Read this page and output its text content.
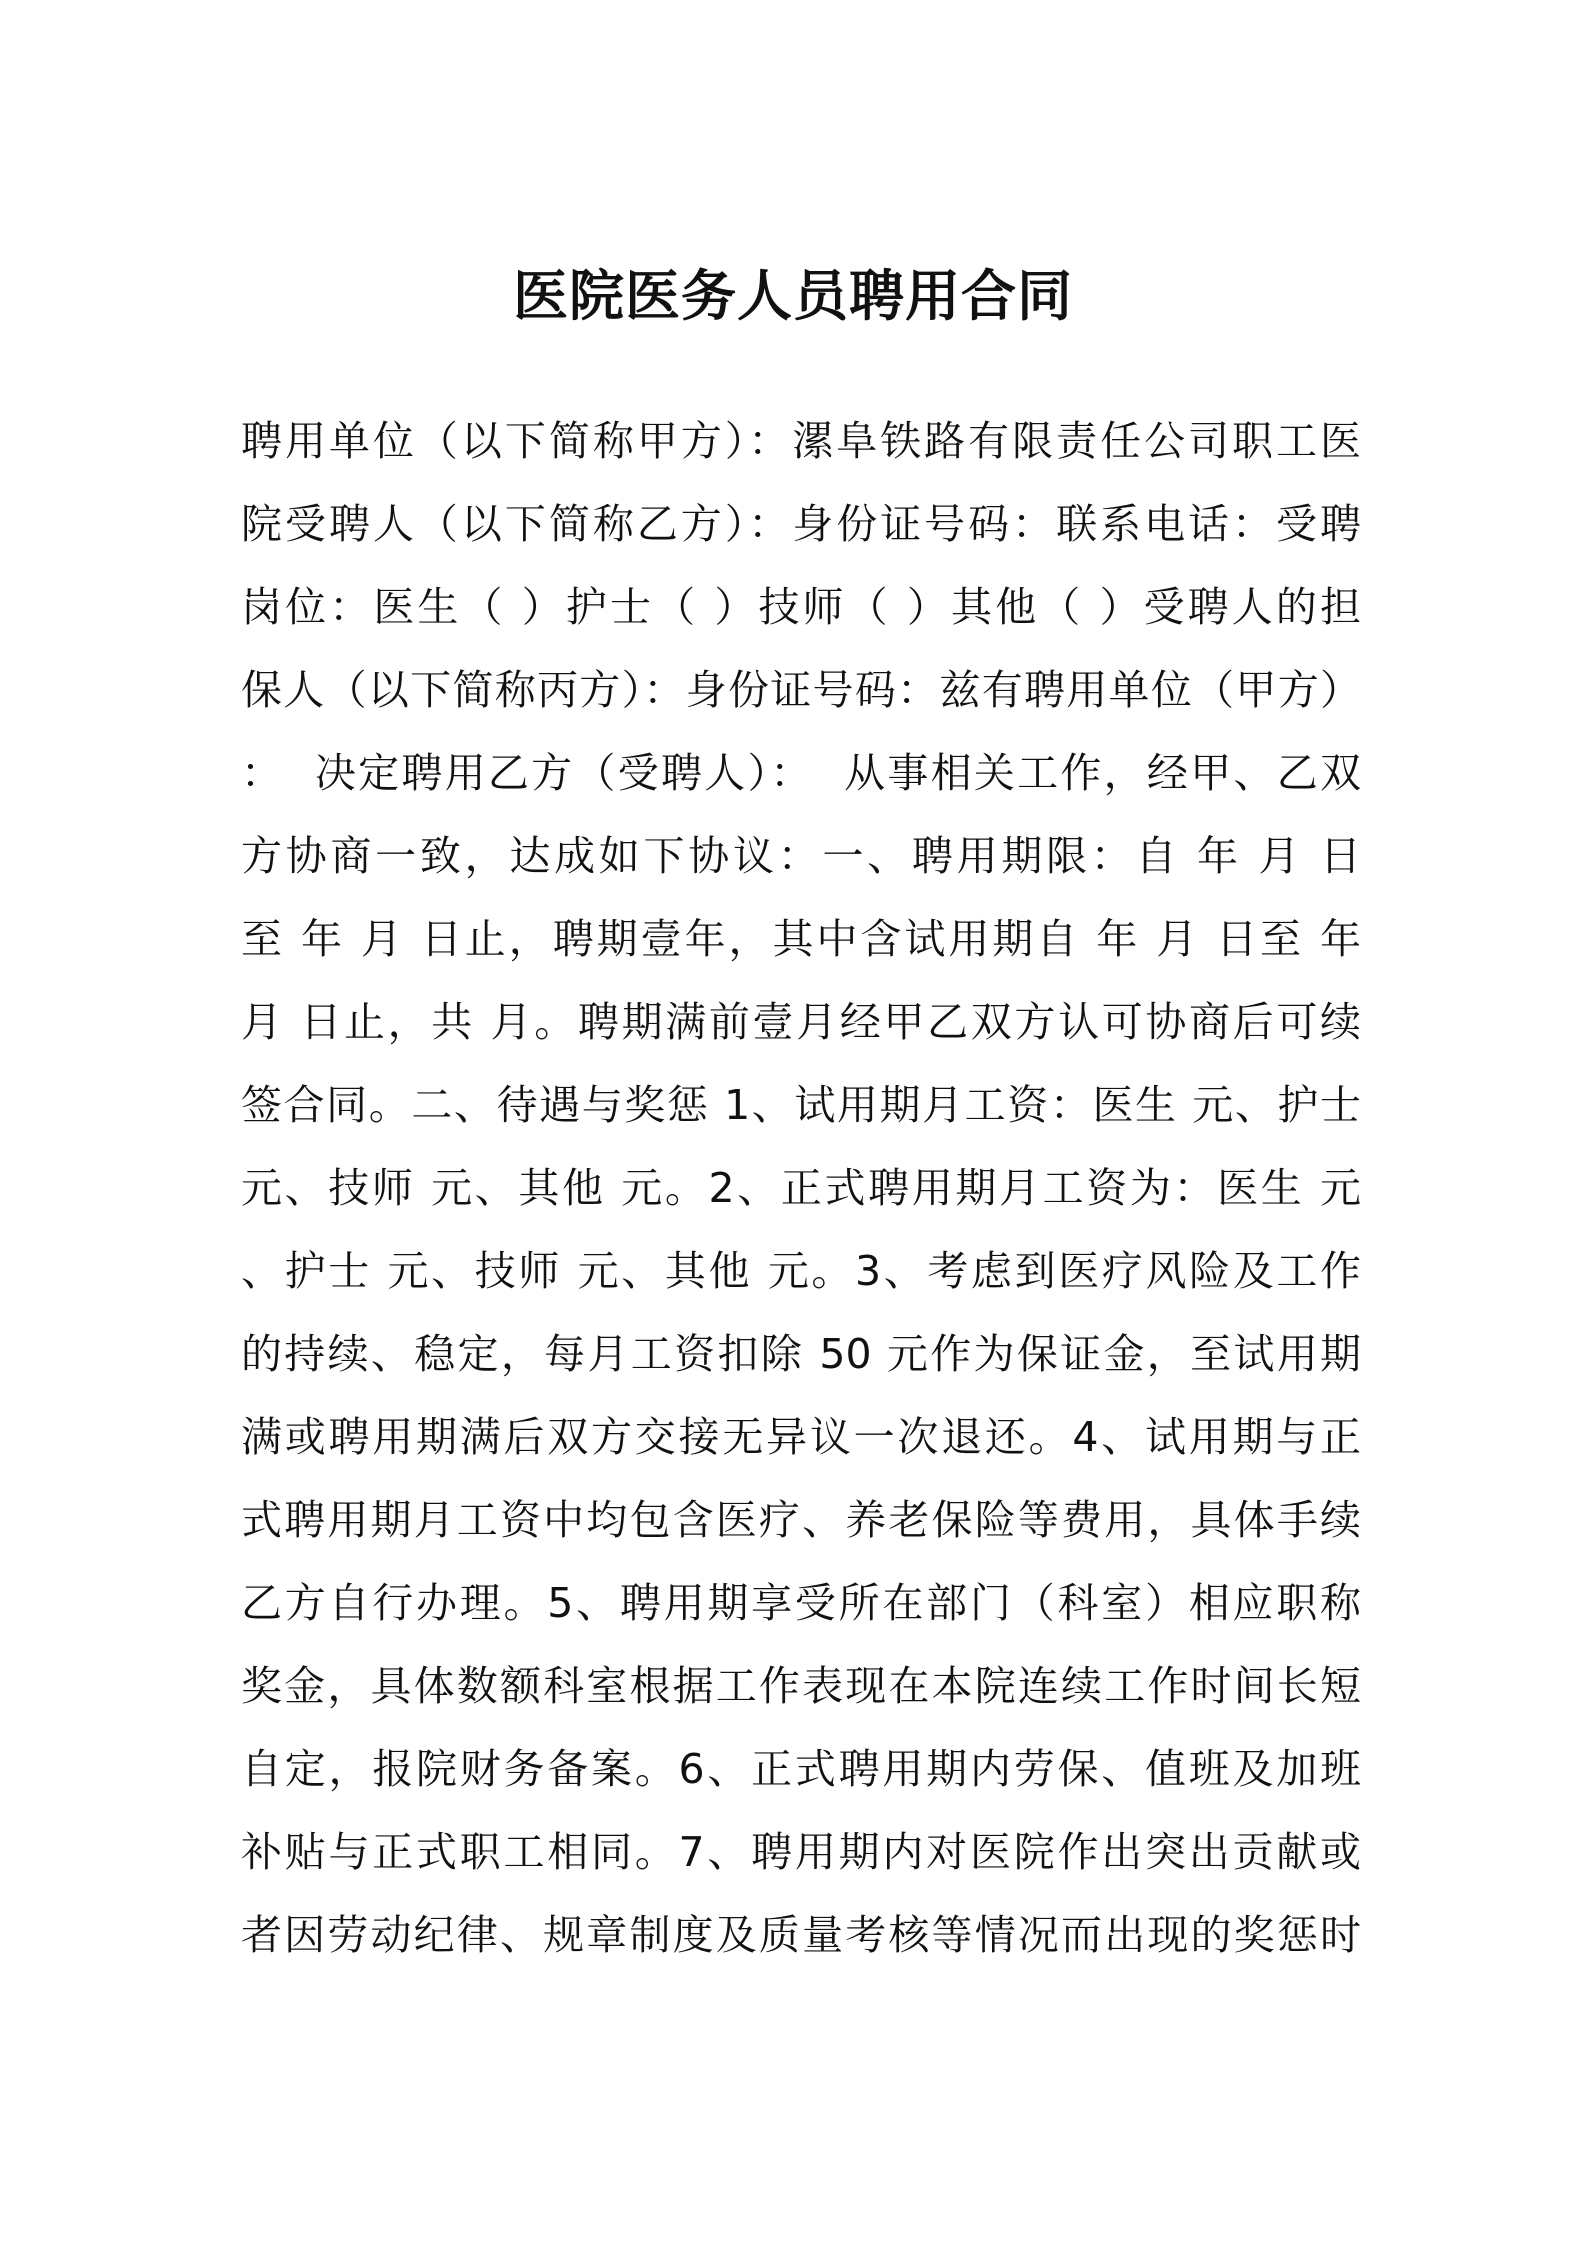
医院医务人员聘用合同
聘用单位（以下简称甲方）：漯阜铁路有限责任公司职工医
院受聘人（以下简称乙方）：身份证号码：联系电话：受聘
岗位：医生（ ）护士（ ）技师（ ）其他（ ）受聘人的担
保人（以下简称丙方）：身份证号码：兹有聘用单位（甲方）
：  决定聘用乙方（受聘人）：  从事相关工作，经甲、乙双
方协商一致，达成如下协议：一、聘用期限：自 年 月 日
至 年 月 日止，聘期壹年，其中含试用期自 年 月 日至 年
月 日止，共 月。聘期满前壹月经甲乙双方认可协商后可续
签合同。二、待遇与奖惩 1、试用期月工资：医生 元、护士
元、技师 元、其他 元。2、正式聘用期月工资为：医生 元
、护士 元、技师 元、其他 元。3、考虑到医疗风险及工作
的持续、稳定，每月工资扣除 50 元作为保证金，至试用期
满或聘用期满后双方交接无异议一次退还。4、试用期与正
式聘用期月工资中均包含医疗、养老保险等费用，具体手续
乙方自行办理。5、聘用期享受所在部门（科室）相应职称
奖金，具体数额科室根据工作表现在本院连续工作时间长短
自定，报院财务备案。6、正式聘用期内劳保、值班及加班
补贴与正式职工相同。7、聘用期内对医院作出突出贡献或
者因劳动纪律、规章制度及质量考核等情况而出现的奖惩时
